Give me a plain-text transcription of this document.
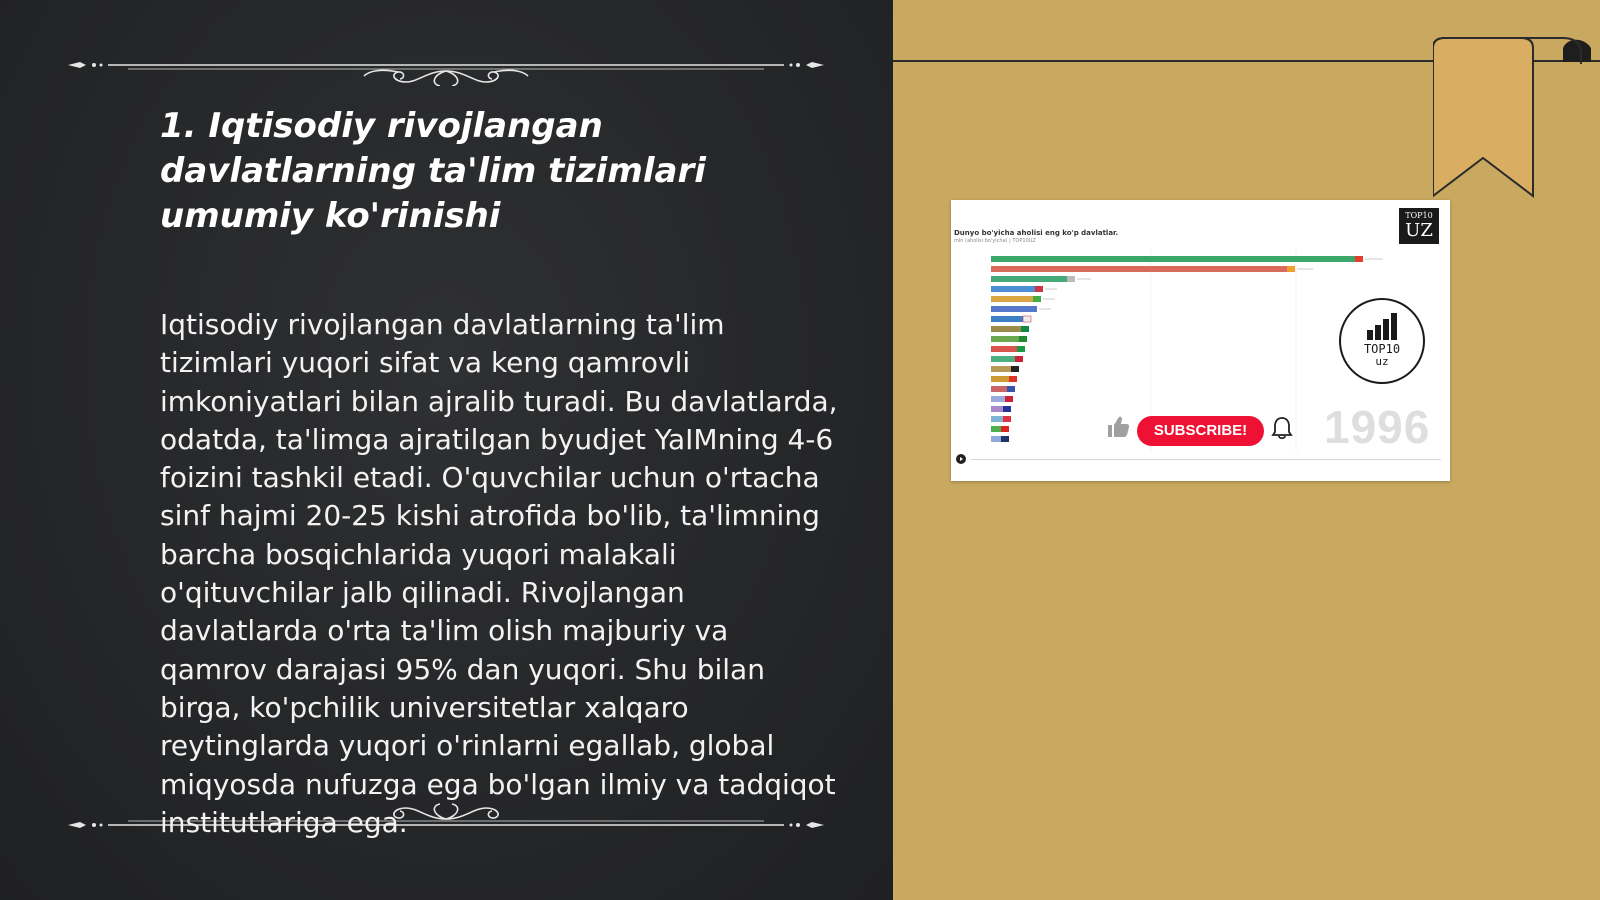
1. Iqtisodiy rivojlangan davlatlarning ta'lim tizimlari umumiy ko'rinishi

Iqtisodiy rivojlangan davlatlarning ta'lim tizimlari yuqori sifat va keng qamrovli imkoniyatlari bilan ajralib turadi. Bu davlatlarda, odatda, ta'limga ajratilgan byudjet YaIMning 4-6 foizini tashkil etadi. O'quvchilar uchun o'rtacha sinf hajmi 20-25 kishi atrofida bo'lib, ta'limning barcha bosqichlarida yuqori malakali o'qituvchilar jalb qilinadi. Rivojlangan davlatlarda o'rta ta'lim olish majburiy va qamrov darajasi 95% dan yuqori. Shu bilan birga, ko'pchilik universitetlar xalqaro reytinglarda yuqori o'rinlarni egallab, global miqyosda nufuzga ega bo'lgan ilmiy va tadqiqot institutlariga ega.

Dunyo bo'yicha aholisi eng ko'p davlatlar.
mln (aholisi bo'yicha) | TOP10UZ
TOP10
UZ
TOP10
uz
SUBSCRIBE!	1996
